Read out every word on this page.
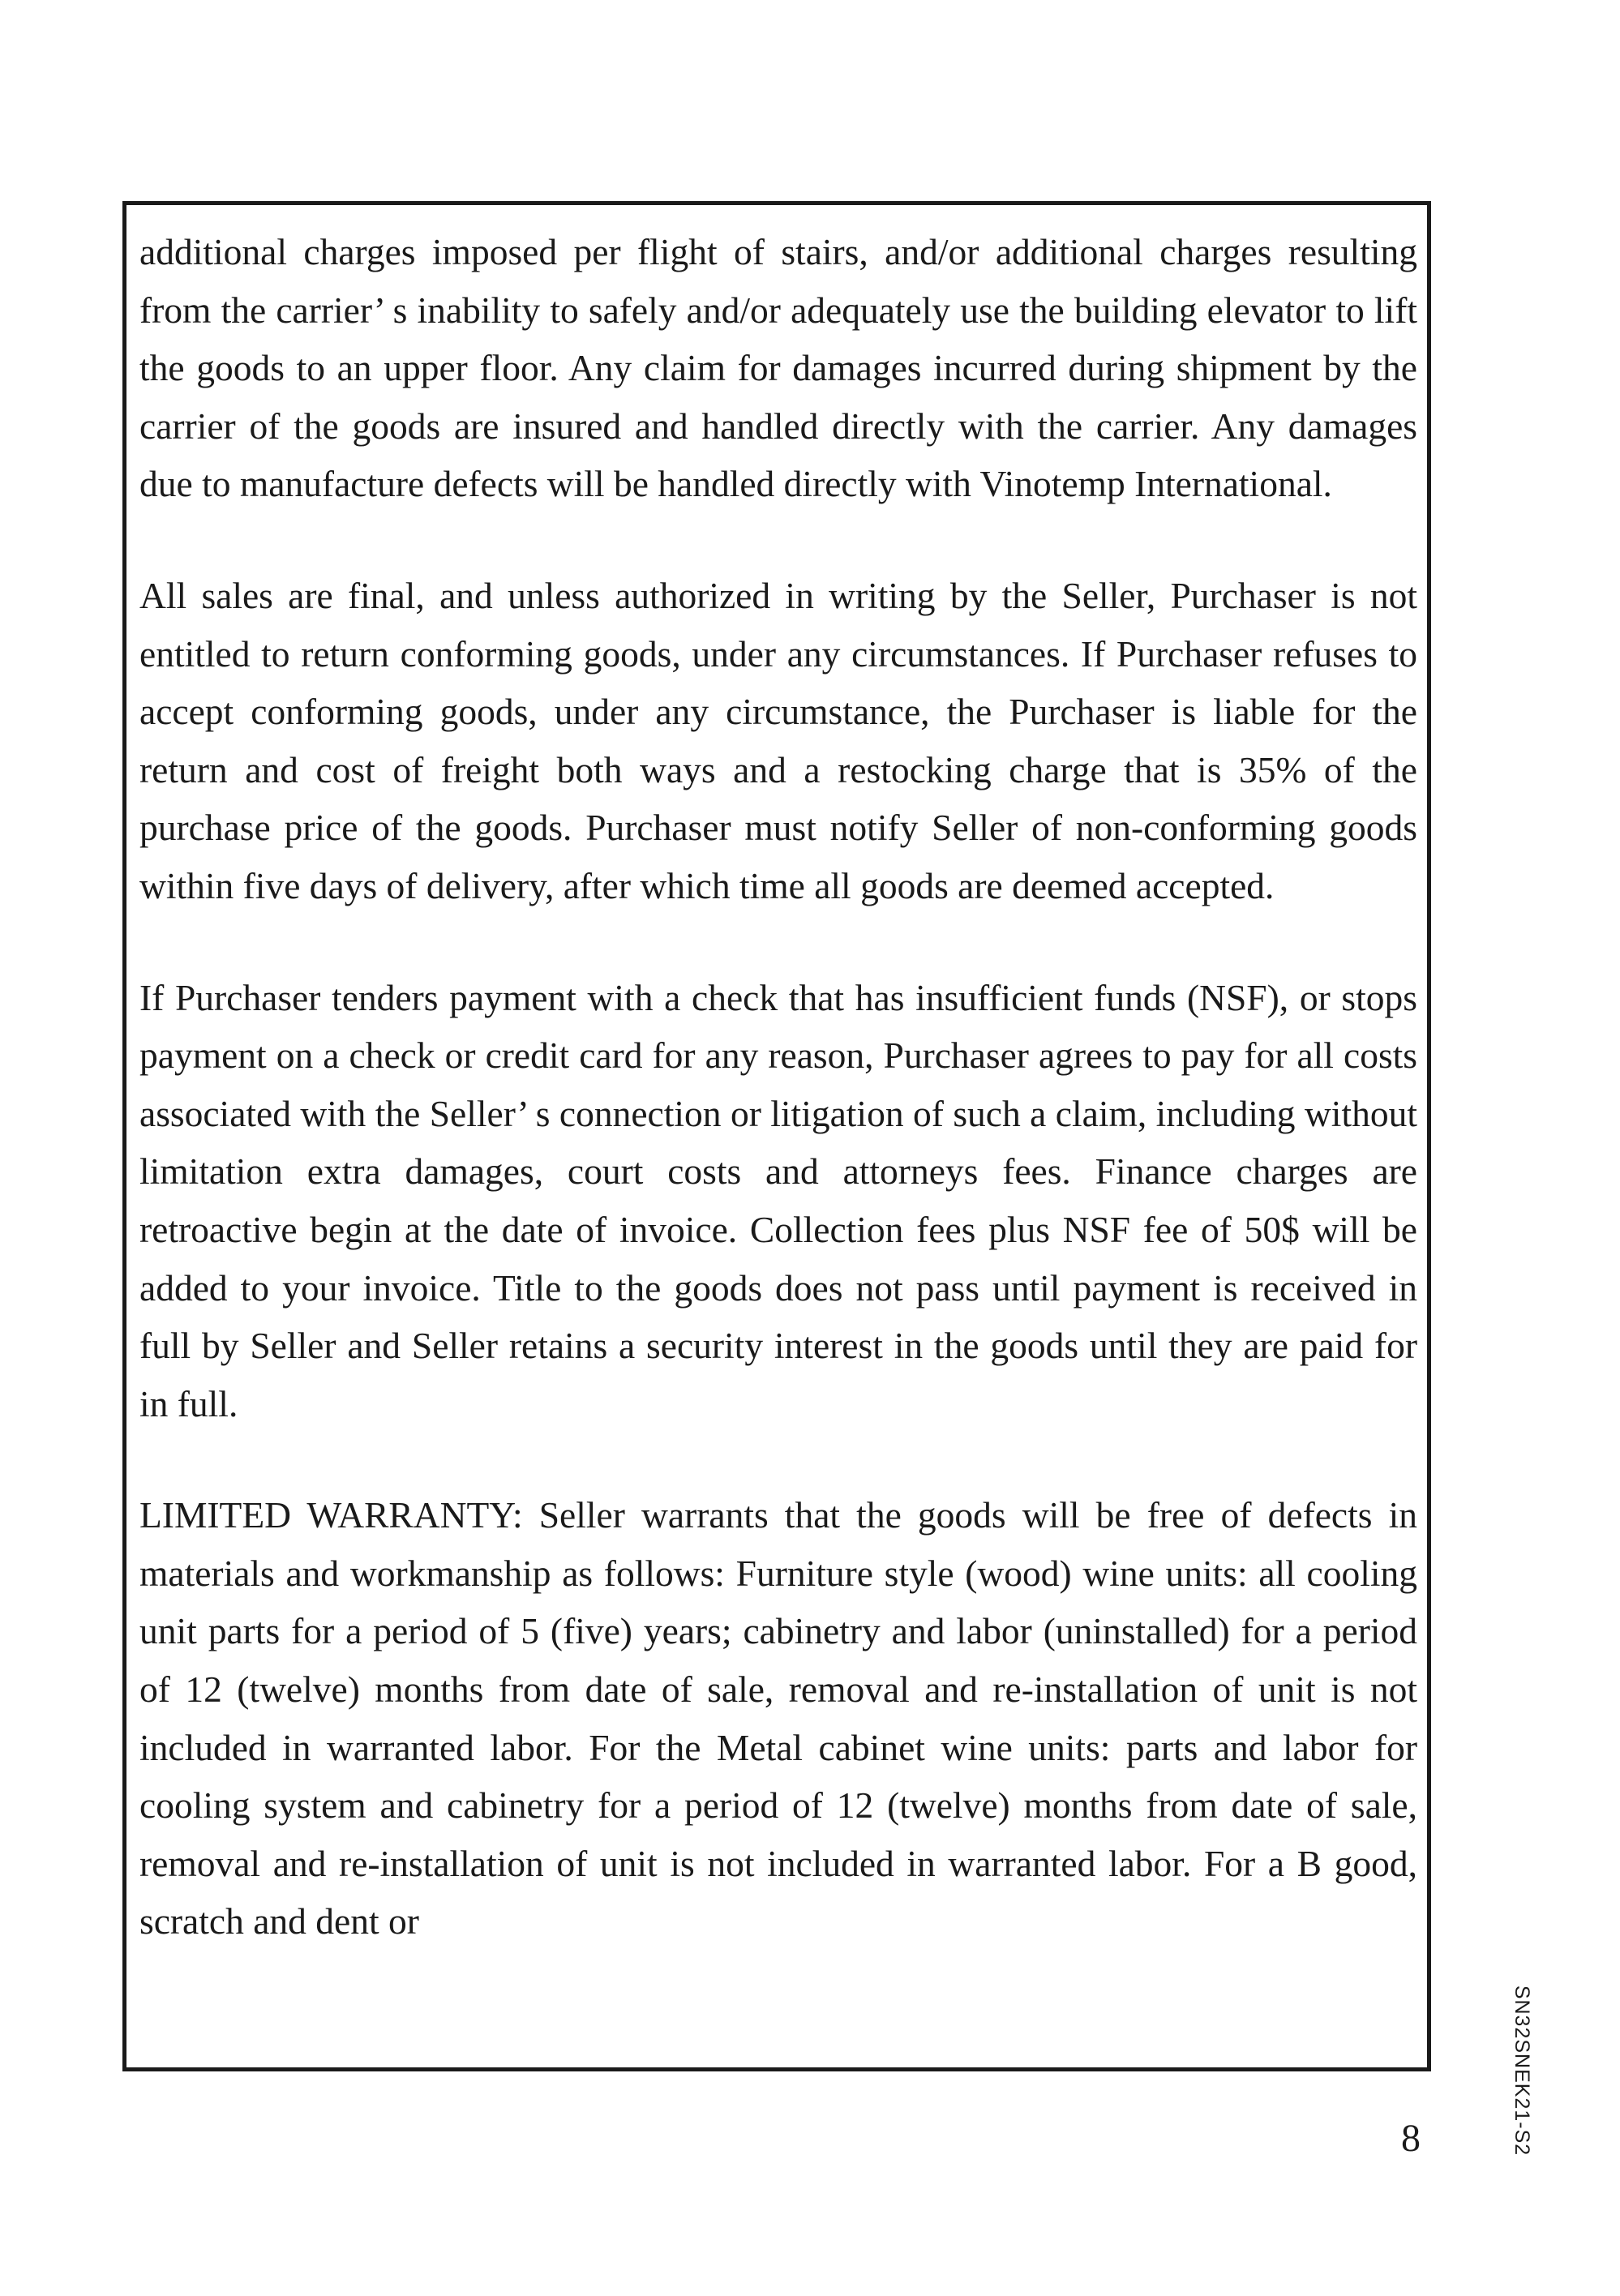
additional charges imposed per flight of stairs, and/or additional charges resulting from the carrier’ s inability to safely and/or adequately use the building elevator to lift the goods to an upper floor. Any claim for damages incurred during shipment by the carrier of the goods are insured and handled directly with the carrier. Any damages due to manufacture defects will be handled directly with Vinotemp International.

All sales are final, and unless authorized in writing by the Seller, Purchaser is not entitled to return conforming goods, under any circumstances. If Purchaser refuses to accept conforming goods, under any circumstance, the Purchaser is liable for the return and cost of freight both ways and a restocking charge that is 35% of the purchase price of the goods. Purchaser must notify Seller of non-conforming goods within five days of delivery, after which time all goods are deemed accepted.

If Purchaser tenders payment with a check that has insufficient funds (NSF), or stops payment on a check or credit card for any reason, Purchaser agrees to pay for all costs associated with the Seller’ s connection or litigation of such a claim, including without limitation extra damages, court costs and attorneys fees. Finance charges are retroactive begin at the date of invoice. Collection fees plus NSF fee of 50$ will be added to your invoice. Title to the goods does not pass until payment is received in full by Seller and Seller retains a security interest in the goods until they are paid for in full.

LIMITED WARRANTY: Seller warrants that the goods will be free of defects in materials and workmanship as follows: Furniture style (wood) wine units: all cooling unit parts for a period of 5 (five) years; cabinetry and labor (uninstalled) for a period of 12 (twelve) months from date of sale, removal and re-installation of unit is not included in warranted labor. For the Metal cabinet wine units: parts and labor for cooling system and cabinetry for a period of 12 (twelve) months from date of sale, removal and re-installation of unit is not included in warranted labor. For a B good, scratch and dent or

8	SN32SNEK21-S2
